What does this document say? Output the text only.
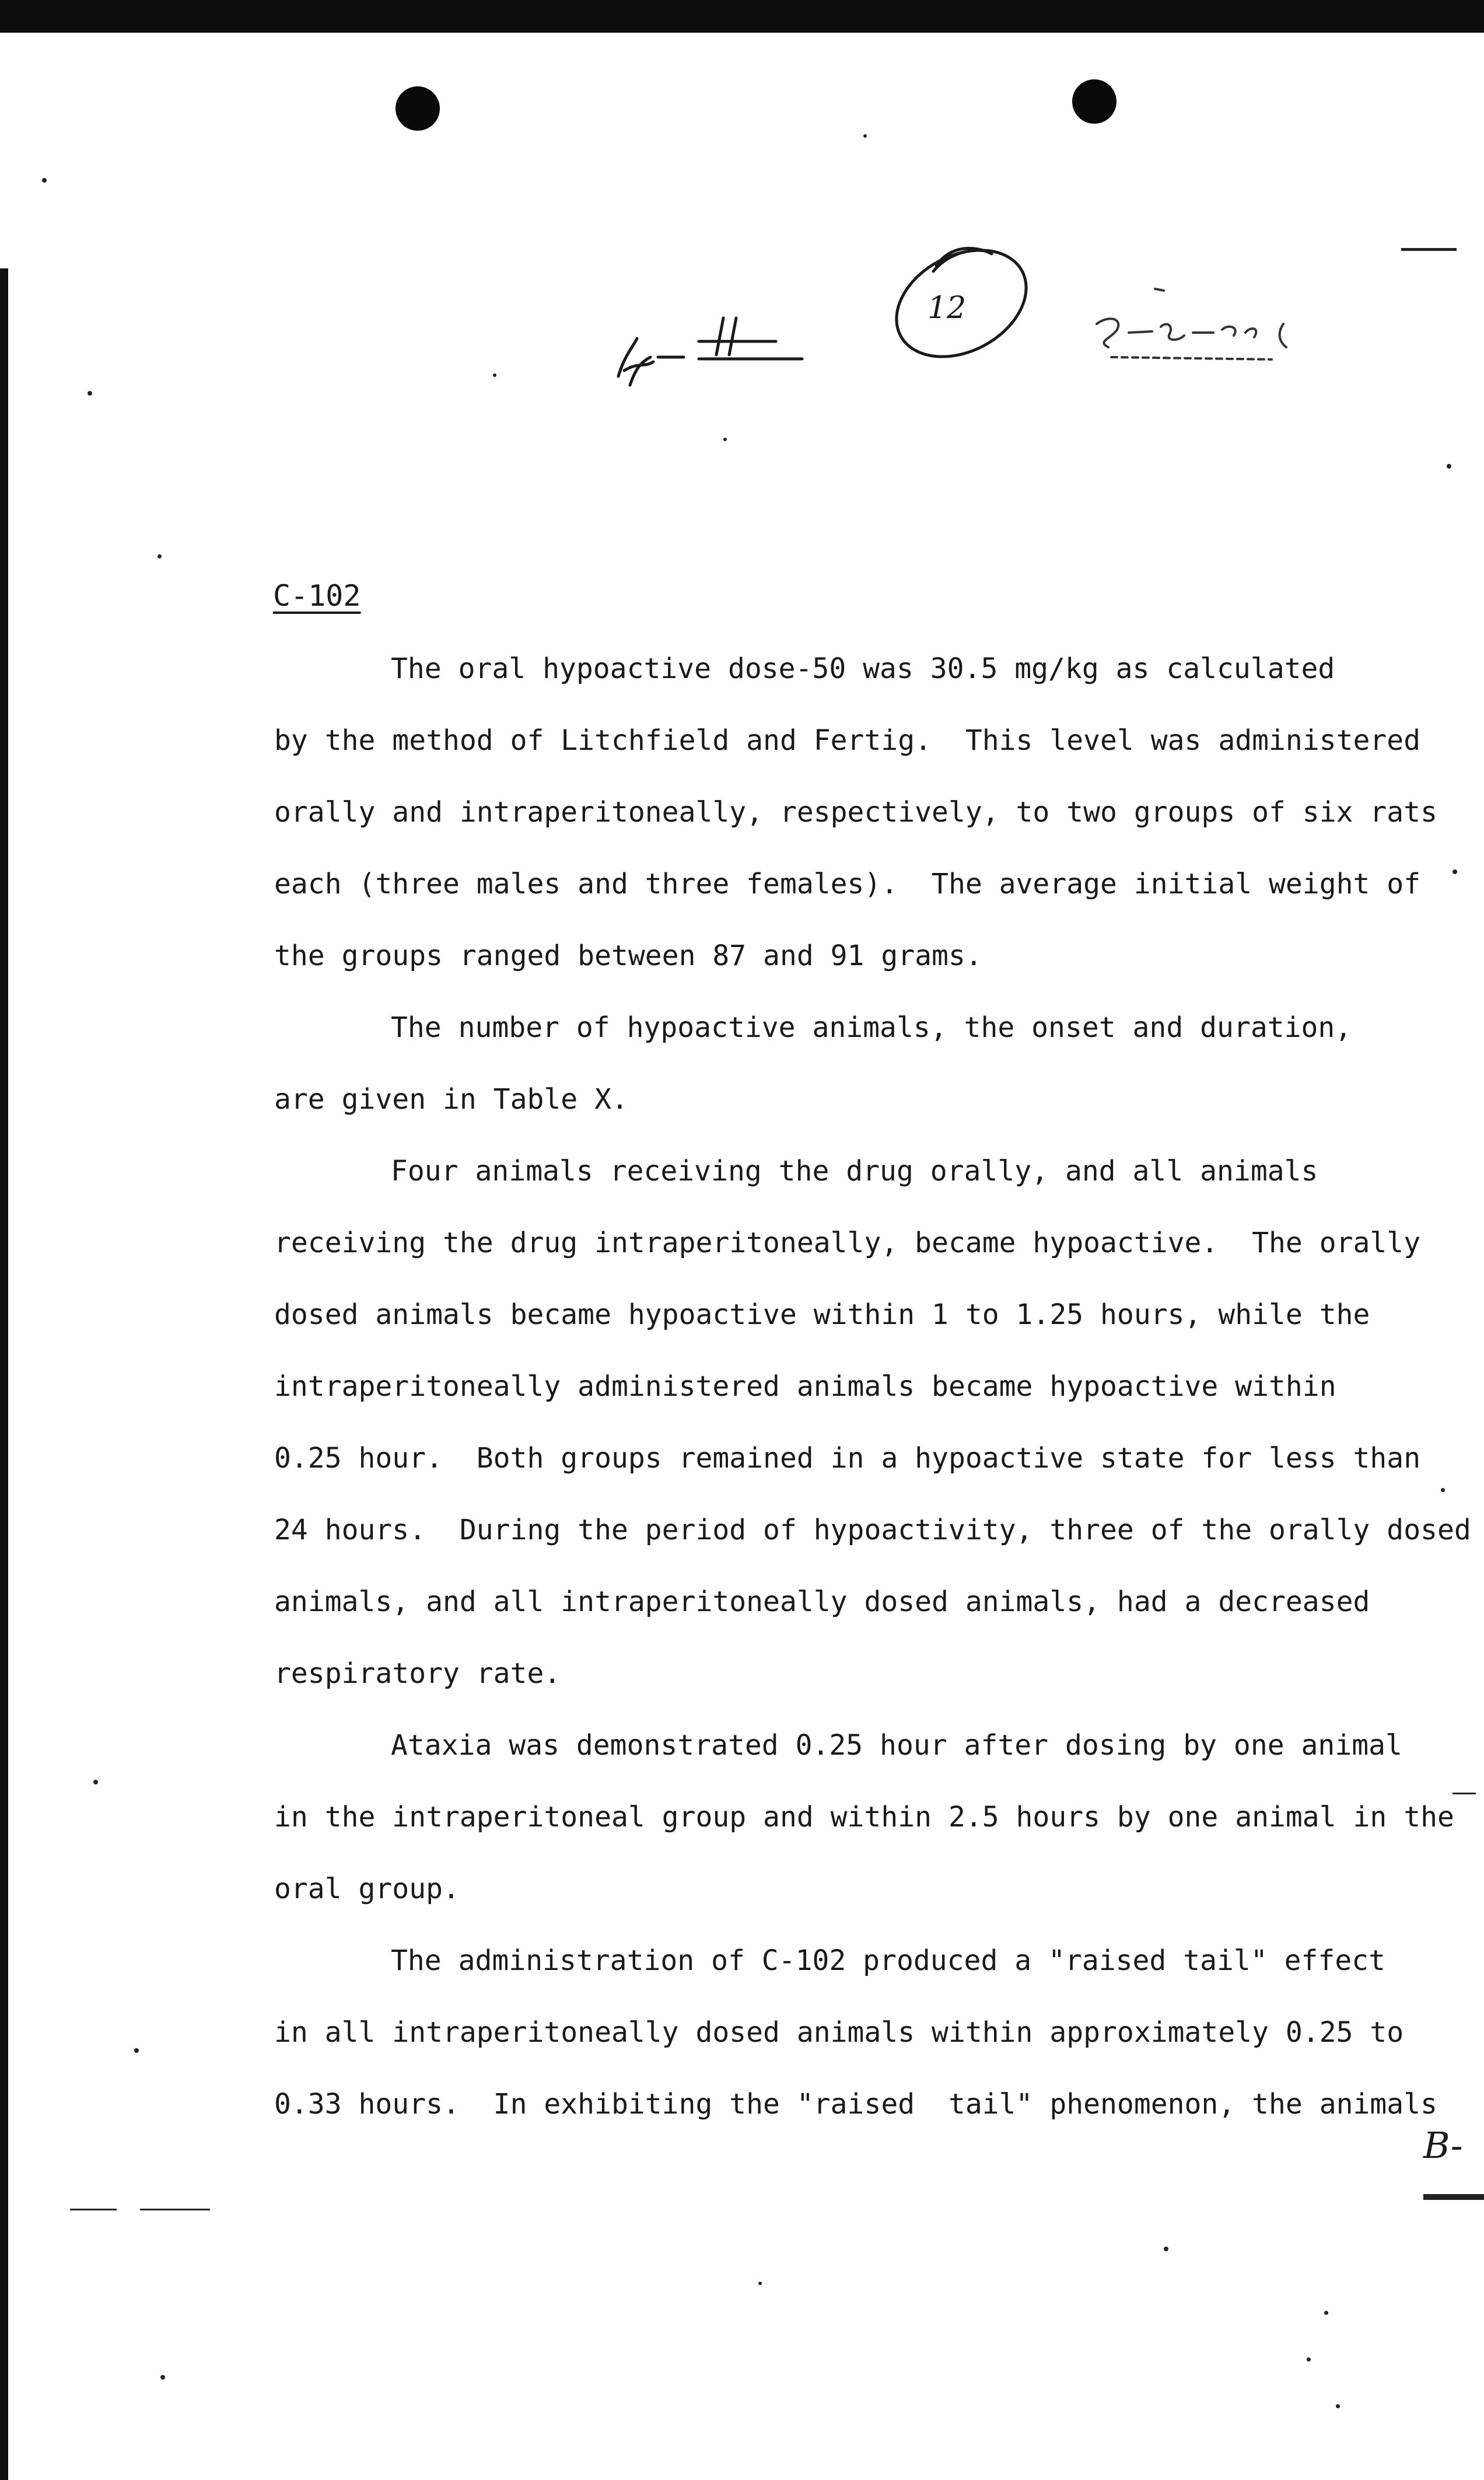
12
C-102

The oral hypoactive dose-50 was 30.5 mg/kg as calculated
by the method of Litchfield and Fertig.  This level was administered
orally and intraperitoneally, respectively, to two groups of six rats
each (three males and three females).  The average initial weight of
the groups ranged between 87 and 91 grams.

The number of hypoactive animals, the onset and duration,
are given in Table X.

Four animals receiving the drug orally, and all animals
receiving the drug intraperitoneally, became hypoactive.  The orally
dosed animals became hypoactive within 1 to 1.25 hours, while the
intraperitoneally administered animals became hypoactive within
0.25 hour.  Both groups remained in a hypoactive state for less than
24 hours.  During the period of hypoactivity, three of the orally dosed
animals, and all intraperitoneally dosed animals, had a decreased
respiratory rate.

Ataxia was demonstrated 0.25 hour after dosing by one animal
in the intraperitoneal group and within 2.5 hours by one animal in the
oral group.

The administration of C-102 produced a "raised tail" effect
in all intraperitoneally dosed animals within approximately 0.25 to
0.33 hours.  In exhibiting the "raised  tail" phenomenon, the animals

B-
